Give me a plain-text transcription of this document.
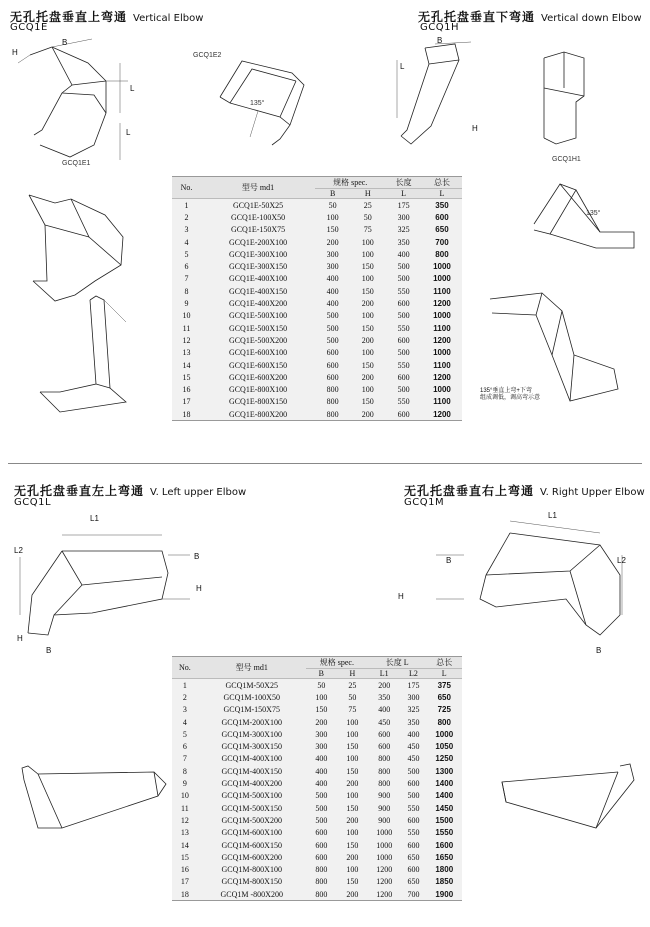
无孔托盘垂直上弯通 Vertical Elbow
GCQ1E
无孔托盘垂直下弯通 Vertical down Elbow
GCQ1H
无孔托盘垂直左上弯通 V. Left upper Elbow
GCQ1L
无孔托盘垂直右上弯通 V. Right Upper Elbow
GCQ1M
H
B
L
L
GCQ1E1
GCQ1E2
135°
B
L
H
GCQ1H1
135°
135°垂直上弯+下弯
组成调低，调高弯示意
No.	型号 md1	规格 spec.		长度	总长
		B	H	L	L
1	GCQ1E-50X25	50	25	175	350
2	GCQ1E-100X50	100	50	300	600
3	GCQ1E-150X75	150	75	325	650
4	GCQ1E-200X100	200	100	350	700
5	GCQ1E-300X100	300	100	400	800
6	GCQ1E-300X150	300	150	500	1000
7	GCQ1E-400X100	400	100	500	1000
8	GCQ1E-400X150	400	150	550	1100
9	GCQ1E-400X200	400	200	600	1200
10	GCQ1E-500X100	500	100	500	1000
11	GCQ1E-500X150	500	150	550	1100
12	GCQ1E-500X200	500	200	600	1200
13	GCQ1E-600X100	600	100	500	1000
14	GCQ1E-600X150	600	150	550	1100
15	GCQ1E-600X200	600	200	600	1200
16	GCQ1E-800X100	800	100	500	1000
17	GCQ1E-800X150	800	150	550	1100
18	GCQ1E-800X200	800	200	600	1200
L1
L2
B
H
H
B
L1
L2
B
H
B
No.	型号 md1	规格 spec.		长度 L		总长
		B	H	L1	L2	L
1	GCQ1M-50X25	50	25	200	175	375
2	GCQ1M-100X50	100	50	350	300	650
3	GCQ1M-150X75	150	75	400	325	725
4	GCQ1M-200X100	200	100	450	350	800
5	GCQ1M-300X100	300	100	600	400	1000
6	GCQ1M-300X150	300	150	600	450	1050
7	GCQ1M-400X100	400	100	800	450	1250
8	GCQ1M-400X150	400	150	800	500	1300
9	GCQ1M-400X200	400	200	800	600	1400
10	GCQ1M-500X100	500	100	900	500	1400
11	GCQ1M-500X150	500	150	900	550	1450
12	GCQ1M-500X200	500	200	900	600	1500
13	GCQ1M-600X100	600	100	1000	550	1550
14	GCQ1M-600X150	600	150	1000	600	1600
15	GCQ1M-600X200	600	200	1000	650	1650
16	GCQ1M-800X100	800	100	1200	600	1800
17	GCQ1M-800X150	800	150	1200	650	1850
18	GCQ1M -800X200	800	200	1200	700	1900
